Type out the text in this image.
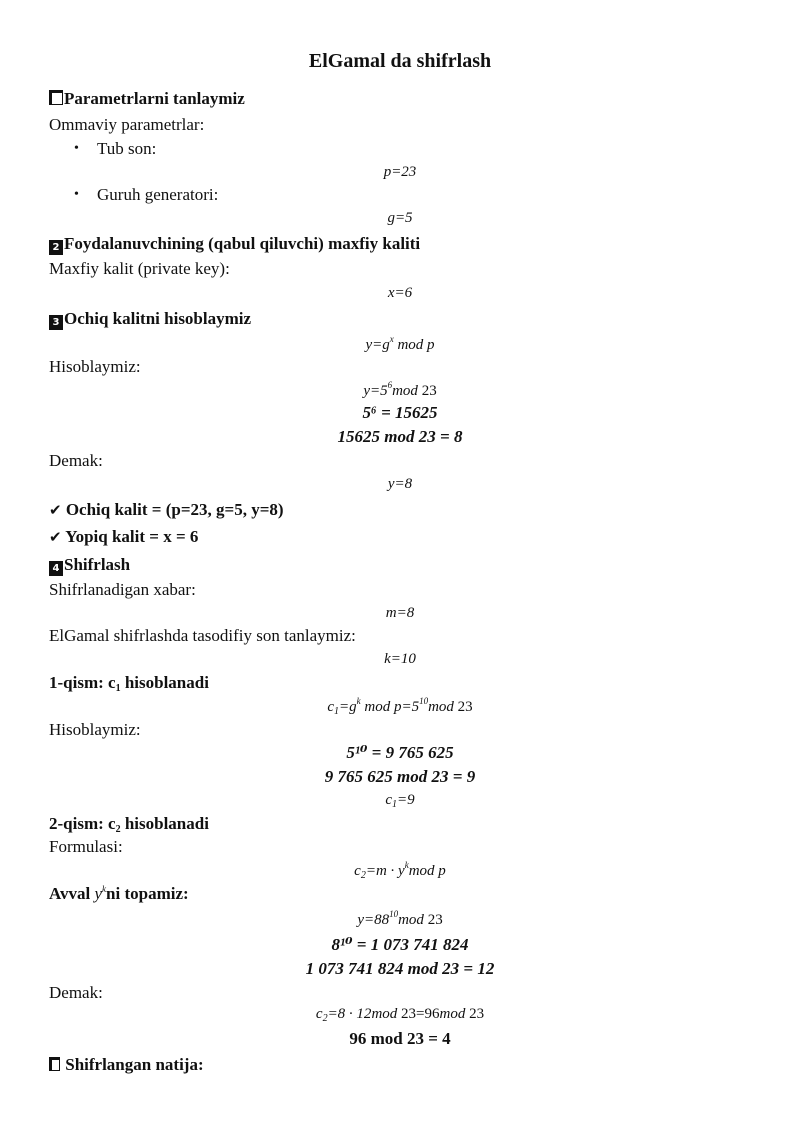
ElGamal da shifrlash
Parametrlarni tanlaymiz
Ommaviy parametrlar:
• Tub son:
p=23
• Guruh generatori:
g=5
2 Foydalanuvchining (qabul qiluvchi) maxfiy kaliti
Maxfiy kalit (private key):
x=6
3 Ochiq kalitni hisoblaymiz
$y=g^x$ mod p
Hisoblaymiz:
$y=5^6mod$ 23
5⁶ = 15625
15625 mod 23 = 8
Demak:
y=8
✔ Ochiq kalit = (p=23, g=5, y=8)
✔ Yopiq kalit = x = 6
4 Shifrlash
Shifrlanadigan xabar:
m=8
ElGamal shifrlashda tasodifiy son tanlaymiz:
k=10
1-qism: $c_1$ hisoblanadi
$c_1=g^k$ mod $p=5^{10}mod$ 23
Hisoblaymiz:
5¹⁰ = 9 765 625
9 765 625 mod 23 = 9
$c_1=9$
2-qism: $c_2$ hisoblanadi
Formulasi:
$c_2=m \cdot y^kmod$ p
Avval $y^kni$ topamiz:
$y=88^{10}mod$ 23
8¹⁰ = 1 073 741 824
1 073 741 824 mod 23 = 12
Demak:
$c_2=8 \cdot 12mod$ 23=96mod 23
96 mod 23 = 4
Shifrlangan natija:
